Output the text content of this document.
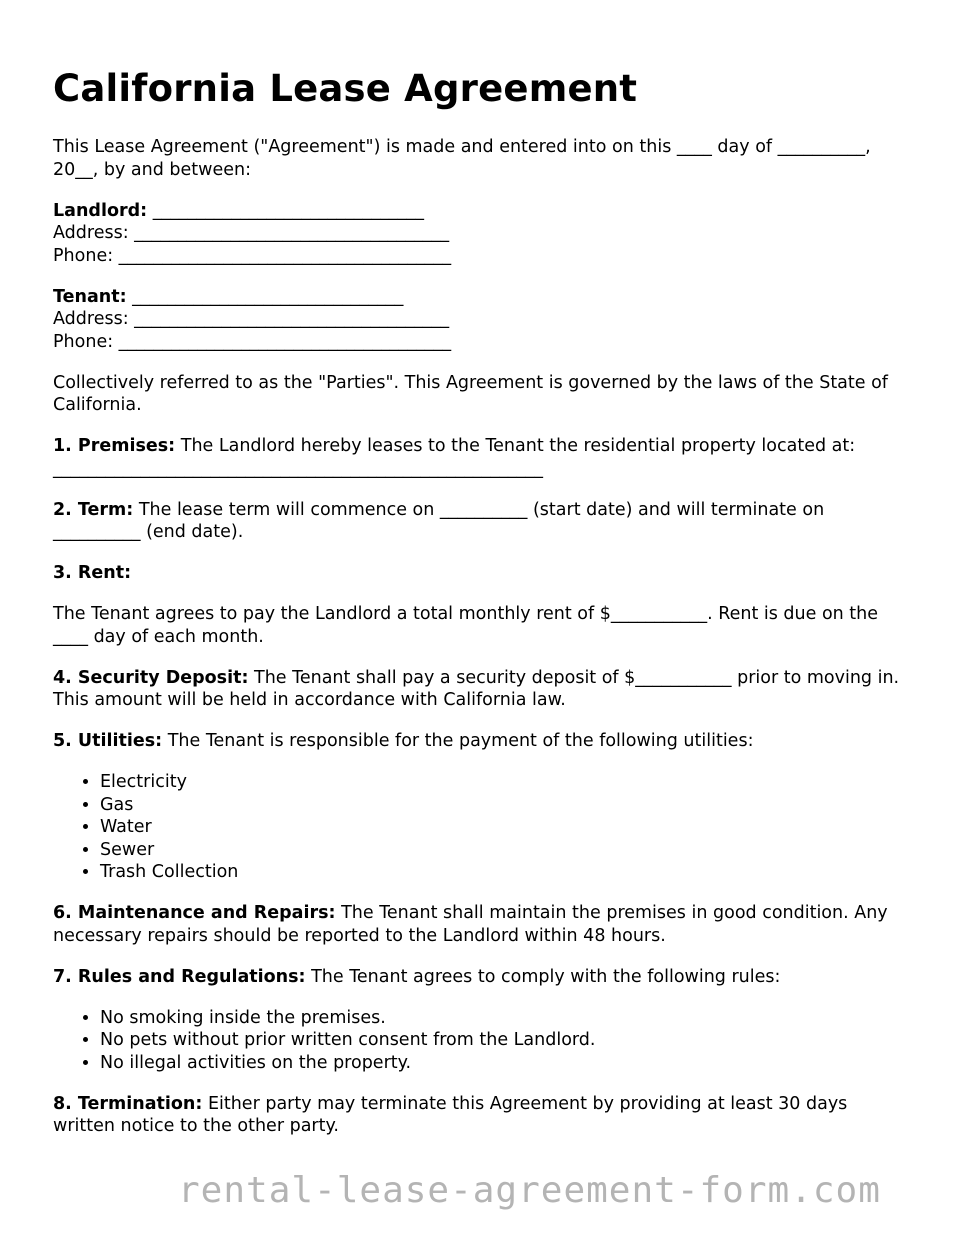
California Lease Agreement

This Lease Agreement ("Agreement") is made and entered into on this ____ day of __________, 20__, by and between:

Landlord: _______________________________
Address: ____________________________________
Phone: ______________________________________
Tenant: _______________________________
Address: ____________________________________
Phone: ______________________________________

Collectively referred to as the "Parties". This Agreement is governed by the laws of the State of California.

1. Premises: The Landlord hereby leases to the Tenant the residential property located at:
________________________________________________________

2. Term: The lease term will commence on __________ (start date) and will terminate on __________ (end date).

3. Rent:

The Tenant agrees to pay the Landlord a total monthly rent of $___________. Rent is due on the ____ day of each month.

4. Security Deposit: The Tenant shall pay a security deposit of $___________ prior to moving in. This amount will be held in accordance with California law.

5. Utilities: The Tenant is responsible for the payment of the following utilities:

• Electricity
• Gas
• Water
• Sewer
• Trash Collection

6. Maintenance and Repairs: The Tenant shall maintain the premises in good condition. Any necessary repairs should be reported to the Landlord within 48 hours.

7. Rules and Regulations: The Tenant agrees to comply with the following rules:

• No smoking inside the premises.
• No pets without prior written consent from the Landlord.
• No illegal activities on the property.

8. Termination: Either party may terminate this Agreement by providing at least 30 days written notice to the other party.

rental-lease-agreement-form.com
